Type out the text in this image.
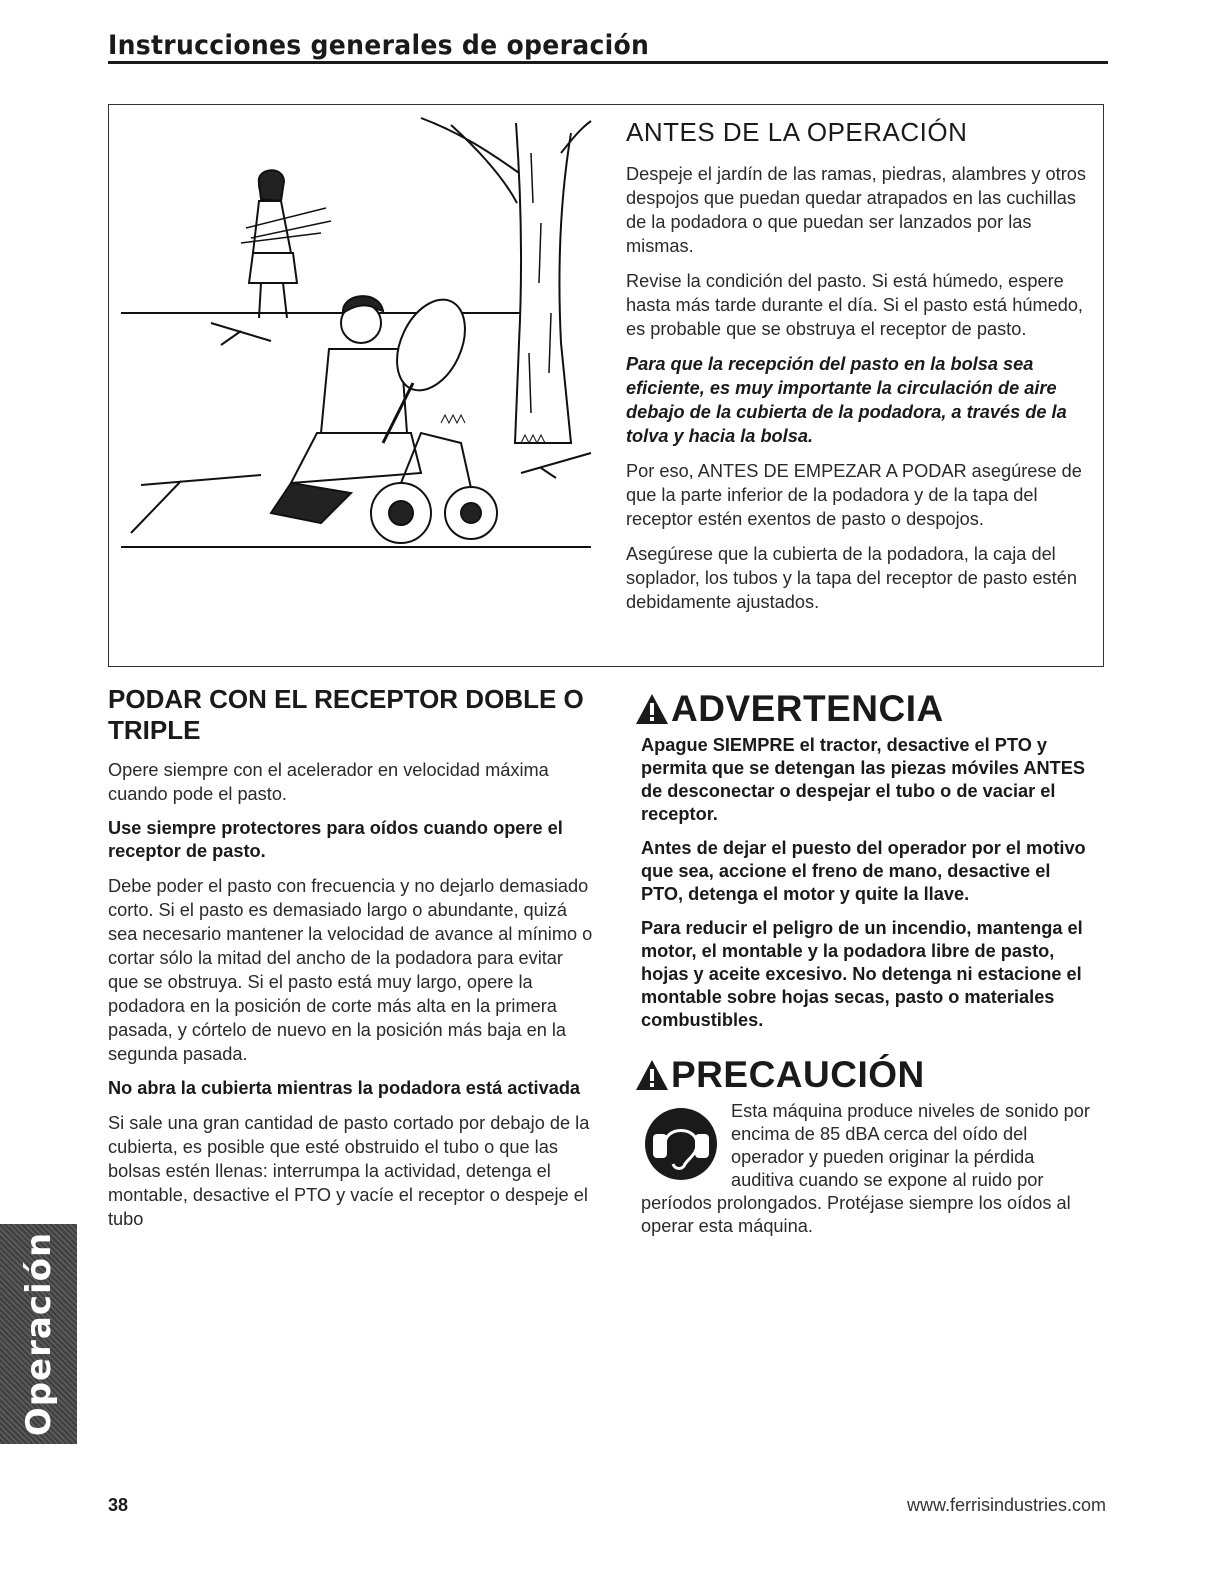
Instrucciones generales de operación
ANTES DE LA OPERACIÓN

Despeje el jardín de las ramas, piedras, alambres y otros despojos que puedan quedar atrapados en las cuchillas de la podadora o que puedan ser lanzados por las mismas.

Revise la condición del pasto. Si está húmedo, espere hasta más tarde durante el día. Si el pasto está húmedo, es probable que se obstruya el receptor de pasto.

Para que la recepción del pasto en la bolsa sea eficiente, es muy importante la circulación de aire debajo de la cubierta de la podadora, a través de la tolva y hacia la bolsa.

Por eso, ANTES DE EMPEZAR A PODAR asegúrese de que la parte inferior de la podadora y de la tapa del receptor estén exentos de pasto o despojos.

Asegúrese que la cubierta de la podadora, la caja del soplador, los tubos y la tapa del receptor de pasto estén debidamente ajustados.

PODAR CON EL RECEPTOR DOBLE O TRIPLE

Opere siempre con el acelerador en velocidad máxima cuando pode el pasto.

Use siempre protectores para oídos cuando opere el receptor de pasto.

Debe poder el pasto con frecuencia y no dejarlo demasiado corto. Si el pasto es demasiado largo o abundante, quizá sea necesario mantener la velocidad de avance al mínimo o cortar sólo la mitad del ancho de la podadora para evitar que se obstruya. Si el pasto está muy largo, opere la podadora en la posición de corte más alta en la primera pasada, y córtelo de nuevo en la posición más baja en la segunda pasada.

No abra la cubierta mientras la podadora está activada

Si sale una gran cantidad de pasto cortado por debajo de la cubierta, es posible que esté obstruido el tubo o que las bolsas estén llenas: interrumpa la actividad, detenga el montable, desactive el PTO y vacíe el receptor o despeje el tubo

ADVERTENCIA

Apague SIEMPRE el tractor, desactive el PTO y permita que se detengan las piezas móviles ANTES de desconectar o despejar el tubo o de vaciar el receptor.

Antes de dejar el puesto del operador por el motivo que sea, accione el freno de mano, desactive el PTO, detenga el motor y quite la llave.

Para reducir el peligro de un incendio, mantenga el motor, el montable y la podadora libre de pasto, hojas y aceite excesivo. No detenga ni estacione el montable sobre hojas secas, pasto o materiales combustibles.

PRECAUCIÓN

Esta máquina produce niveles de sonido por encima de 85 dBA cerca del oído del operador y pueden originar la pérdida auditiva cuando se expone al ruido por períodos prolongados. Protéjase siempre los oídos al operar esta máquina.

Operación
38	www.ferrisindustries.com
